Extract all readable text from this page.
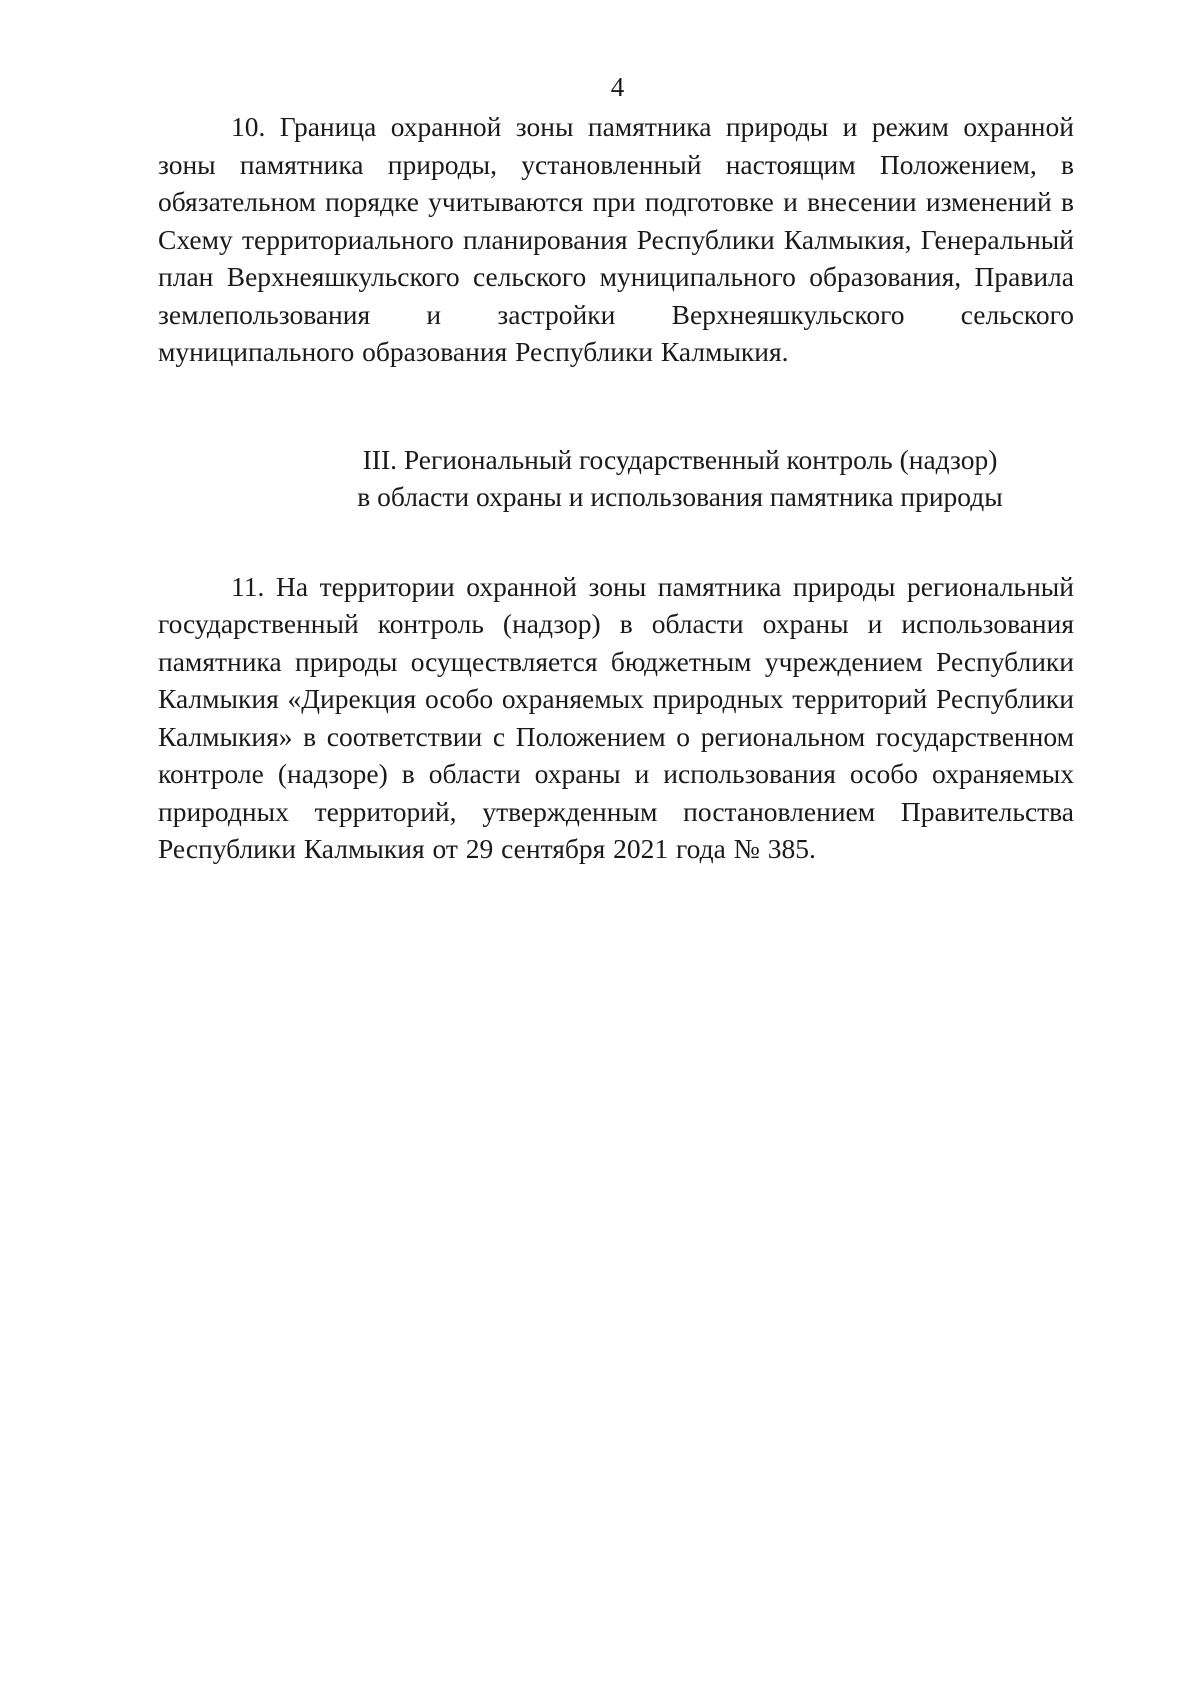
4

10. Граница охранной зоны памятника природы и режим охранной зоны памятника природы, установленный настоящим Положением, в обязательном порядке учитываются при подготовке и внесении изменений в Схему территориального планирования Республики Калмыкия, Генеральный план Верхнеяшкульского сельского муниципального образования, Правила землепользования и застройки Верхнеяшкульского сельского муниципального образования Республики Калмыкия.

III. Региональный государственный контроль (надзор)
в области охраны и использования памятника природы

11. На территории охранной зоны памятника природы региональный государственный контроль (надзор) в области охраны и использования памятника природы осуществляется бюджетным учреждением Республики Калмыкия «Дирекция особо охраняемых природных территорий Республики Калмыкия» в соответствии с Положением о региональном государственном контроле (надзоре) в области охраны и использования особо охраняемых природных территорий, утвержденным постановлением Правительства Республики Калмыкия от 29 сентября 2021 года № 385.
